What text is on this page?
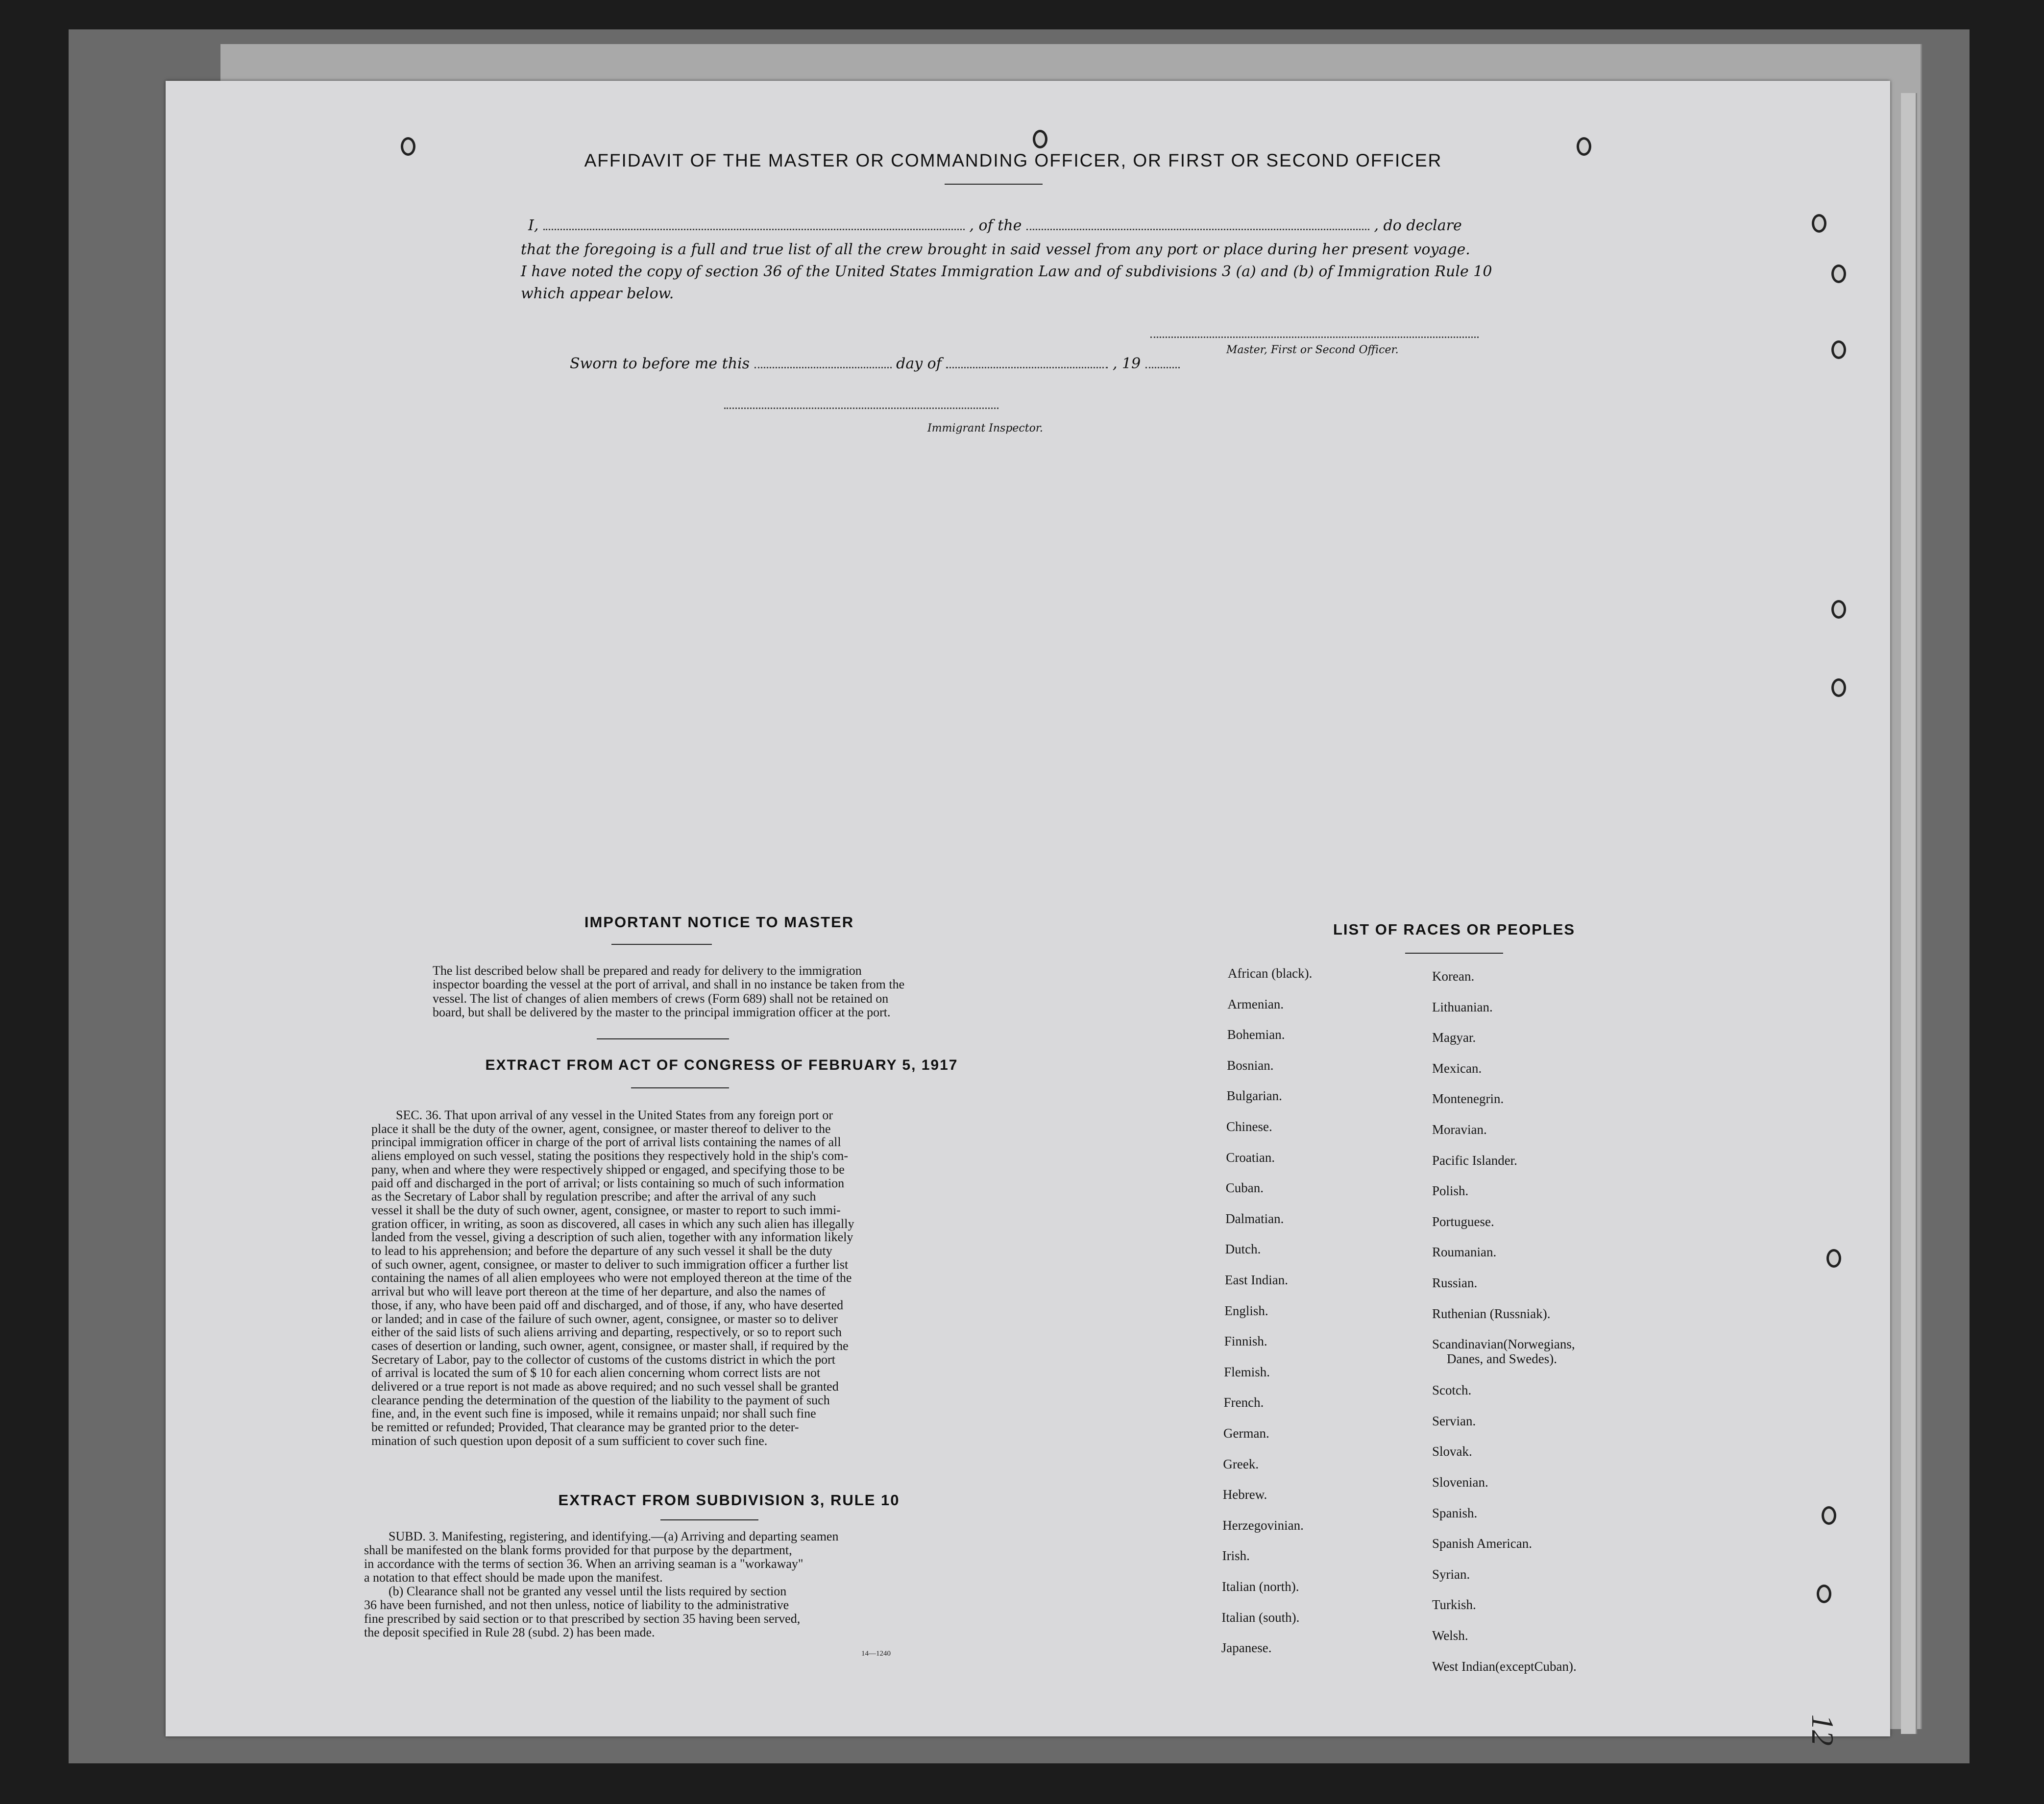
AFFIDAVIT OF THE MASTER OR COMMANDING OFFICER, OR FIRST OR SECOND OFFICER
I,	, of the	, do declare
that the foregoing is a full and true list of all the crew brought in said vessel from any port or place during her present voyage.
I have noted the copy of section 36 of the United States Immigration Law and of subdivisions 3 (a) and (b) of Immigration Rule 10
which appear below.
Master, First or Second Officer.
Sworn to before me this	day of	, 19
Immigrant Inspector.
IMPORTANT NOTICE TO MASTER
The list described below shall be prepared and ready for delivery to the immigration
inspector boarding the vessel at the port of arrival, and shall in no instance be taken from the
vessel. The list of changes of alien members of crews (Form 689) shall not be retained on
board, but shall be delivered by the master to the principal immigration officer at the port.
EXTRACT FROM ACT OF CONGRESS OF FEBRUARY 5, 1917
SEC. 36. That upon arrival of any vessel in the United States from any foreign port or
place it shall be the duty of the owner, agent, consignee, or master thereof to deliver to the
principal immigration officer in charge of the port of arrival lists containing the names of all
aliens employed on such vessel, stating the positions they respectively hold in the ship's com-
pany, when and where they were respectively shipped or engaged, and specifying those to be
paid off and discharged in the port of arrival; or lists containing so much of such information
as the Secretary of Labor shall by regulation prescribe; and after the arrival of any such
vessel it shall be the duty of such owner, agent, consignee, or master to report to such immi-
gration officer, in writing, as soon as discovered, all cases in which any such alien has illegally
landed from the vessel, giving a description of such alien, together with any information likely
to lead to his apprehension; and before the departure of any such vessel it shall be the duty
of such owner, agent, consignee, or master to deliver to such immigration officer a further list
containing the names of all alien employees who were not employed thereon at the time of the
arrival but who will leave port thereon at the time of her departure, and also the names of
those, if any, who have been paid off and discharged, and of those, if any, who have deserted
or landed; and in case of the failure of such owner, agent, consignee, or master so to deliver
either of the said lists of such aliens arriving and departing, respectively, or so to report such
cases of desertion or landing, such owner, agent, consignee, or master shall, if required by the
Secretary of Labor, pay to the collector of customs of the customs district in which the port
of arrival is located the sum of $ 10 for each alien concerning whom correct lists are not
delivered or a true report is not made as above required; and no such vessel shall be granted
clearance pending the determination of the question of the liability to the payment of such
fine, and, in the event such fine is imposed, while it remains unpaid; nor shall such fine
be remitted or refunded; Provided, That clearance may be granted prior to the deter-
mination of such question upon deposit of a sum sufficient to cover such fine.
EXTRACT FROM SUBDIVISION 3, RULE 10
SUBD. 3. Manifesting, registering, and identifying.—(a) Arriving and departing seamen
shall be manifested on the blank forms provided for that purpose by the department,
in accordance with the terms of section 36. When an arriving seaman is a "workaway"
a notation to that effect should be made upon the manifest.
(b) Clearance shall not be granted any vessel until the lists required by section
36 have been furnished, and not then unless, notice of liability to the administrative
fine prescribed by said section or to that prescribed by section 35 having been served,
the deposit specified in Rule 28 (subd. 2) has been made.
14—1240
LIST OF RACES OR PEOPLES
12
African (black).
Armenian.
Bohemian.
Bosnian.
Bulgarian.
Chinese.
Croatian.
Cuban.
Dalmatian.
Dutch.
East Indian.
English.
Finnish.
Flemish.
French.
German.
Greek.
Hebrew.
Herzegovinian.
Irish.
Italian (north).
Italian (south).
Japanese.
Korean.
Lithuanian.
Magyar.
Mexican.
Montenegrin.
Moravian.
Pacific Islander.
Polish.
Portuguese.
Roumanian.
Russian.
Ruthenian (Russniak).
Scandinavian(Norwegians,
Danes, and Swedes).
Scotch.
Servian.
Slovak.
Slovenian.
Spanish.
Spanish American.
Syrian.
Turkish.
Welsh.
West Indian(exceptCuban).
